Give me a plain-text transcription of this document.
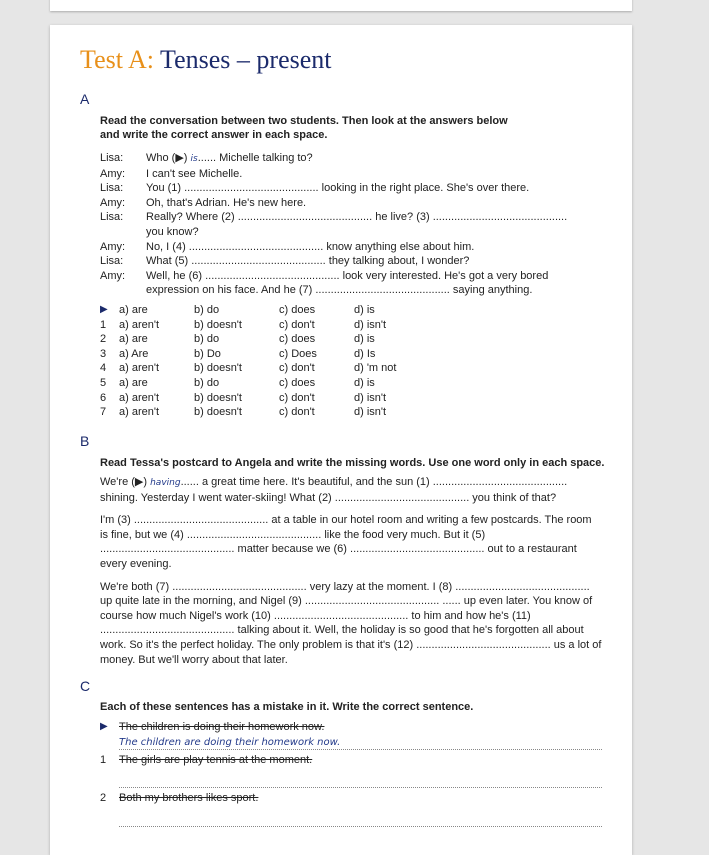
Test A: Tenses – present
A
Read the conversation between two students. Then look at the answers below and write the correct answer in each space.
Lisa:	Who (▶) is...... Michelle talking to?
Amy:	I can't see Michelle.
Lisa:	You (1) ............................................ looking in the right place. She's over there.
Amy:	Oh, that's Adrian. He's new here.
Lisa:	Really? Where (2) ............................................ he live? (3) ............................................
you know?
Amy:	No, I (4) ............................................ know anything else about him.
Lisa:	What (5) ............................................ they talking about, I wonder?
Amy:	Well, he (6) ............................................ look very interested. He's got a very bored
expression on his face. And he (7) ............................................ saying anything.
▶	a) are	b) do	c) does	d) is
1	a) aren't	b) doesn't	c) don't	d) isn't
2	a) are	b) do	c) does	d) is
3	a) Are	b) Do	c) Does	d) Is
4	a) aren't	b) doesn't	c) don't	d) 'm not
5	a) are	b) do	c) does	d) is
6	a) aren't	b) doesn't	c) don't	d) isn't
7	a) aren't	b) doesn't	c) don't	d) isn't
B
Read Tessa's postcard to Angela and write the missing words. Use one word only in each space.
We're (▶) having...... a great time here. It's beautiful, and the sun (1) ............................................ shining. Yesterday I went water-skiing! What (2) ............................................ you think of that?
I'm (3) ............................................ at a table in our hotel room and writing a few postcards. The room is fine, but we (4) ............................................ like the food very much. But it (5) ............................................ matter because we (6) ............................................ out to a restaurant every evening.
We're both (7) ............................................ very lazy at the moment. I (8) ............................................ up quite late in the morning, and Nigel (9) ............................................ ...... up even later. You know of course how much Nigel's work (10) ............................................ to him and how he's (11) ............................................ talking about it. Well, the holiday is so good that he's forgotten all about work. So it's the perfect holiday. The only problem is that it's (12) ............................................ us a lot of money. But we'll worry about that later.
C
Each of these sentences has a mistake in it. Write the correct sentence.
▶	The children is doing their homework now.
The children are doing their homework now.
1	The girls are play tennis at the moment.
2	Both my brothers likes sport.
